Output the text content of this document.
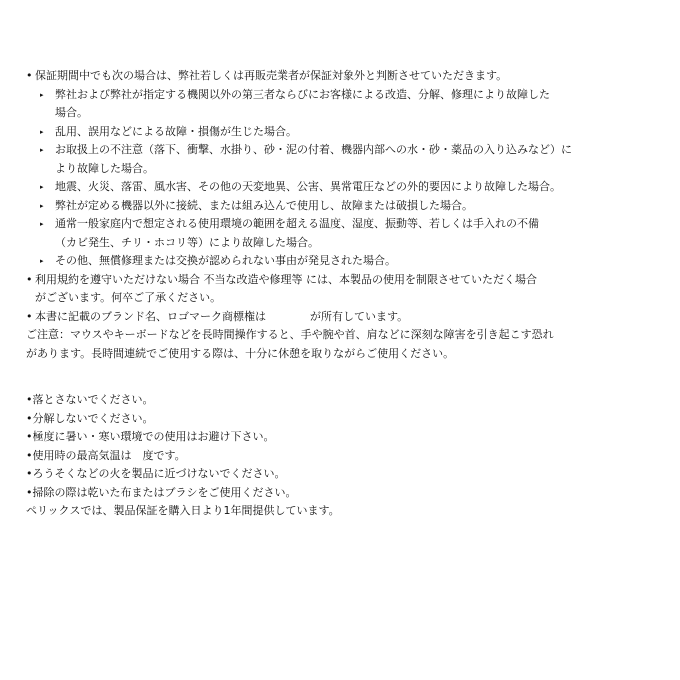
• 保証期間中でも次の場合は、弊社若しくは再販売業者が保証対象外と判断させていただきます。
▸ 弊社および弊社が指定する機関以外の第三者ならびにお客様による改造、分解、修理により故障した
場合。
▸ 乱用、誤用などによる故障・損傷が生じた場合。
▸ お取扱上の不注意（落下、衝撃、水掛り、砂・泥の付着、機器内部への水・砂・薬品の入り込みなど）に
より故障した場合。
▸ 地震、火災、落雷、風水害、その他の天変地異、公害、異常電圧などの外的要因により故障した場合。
▸ 弊社が定める機器以外に接続、または組み込んで使用し、故障または破損した場合。
▸ 通常一般家庭内で想定される使用環境の範囲を超える温度、湿度、振動等、若しくは手入れの不備
（カビ発生、チリ・ホコリ等）により故障した場合。
▸ その他、無償修理または交換が認められない事由が発見された場合。
• 利用規約を遵守いただけない場合 不当な改造や修理等 には、本製品の使用を制限させていただく場合
がございます。何卒ご了承ください。
• 本書に記載のブランド名、ロゴマーク商標権は　　　　が所有しています。
ご注意：マウスやキーボードなどを長時間操作すると、手や腕や首、肩などに深刻な障害を引き起こす恐れ
があります。長時間連続でご使用する際は、十分に休憩を取りながらご使用ください。
•落とさないでください。
•分解しないでください。
•極度に暑い・寒い環境での使用はお避け下さい。
•使用時の最高気温は　度です。
•ろうそくなどの火を製品に近づけないでください。
•掃除の際は乾いた布またはブラシをご使用ください。
ペリックスでは、製品保証を購入日より1年間提供しています。
